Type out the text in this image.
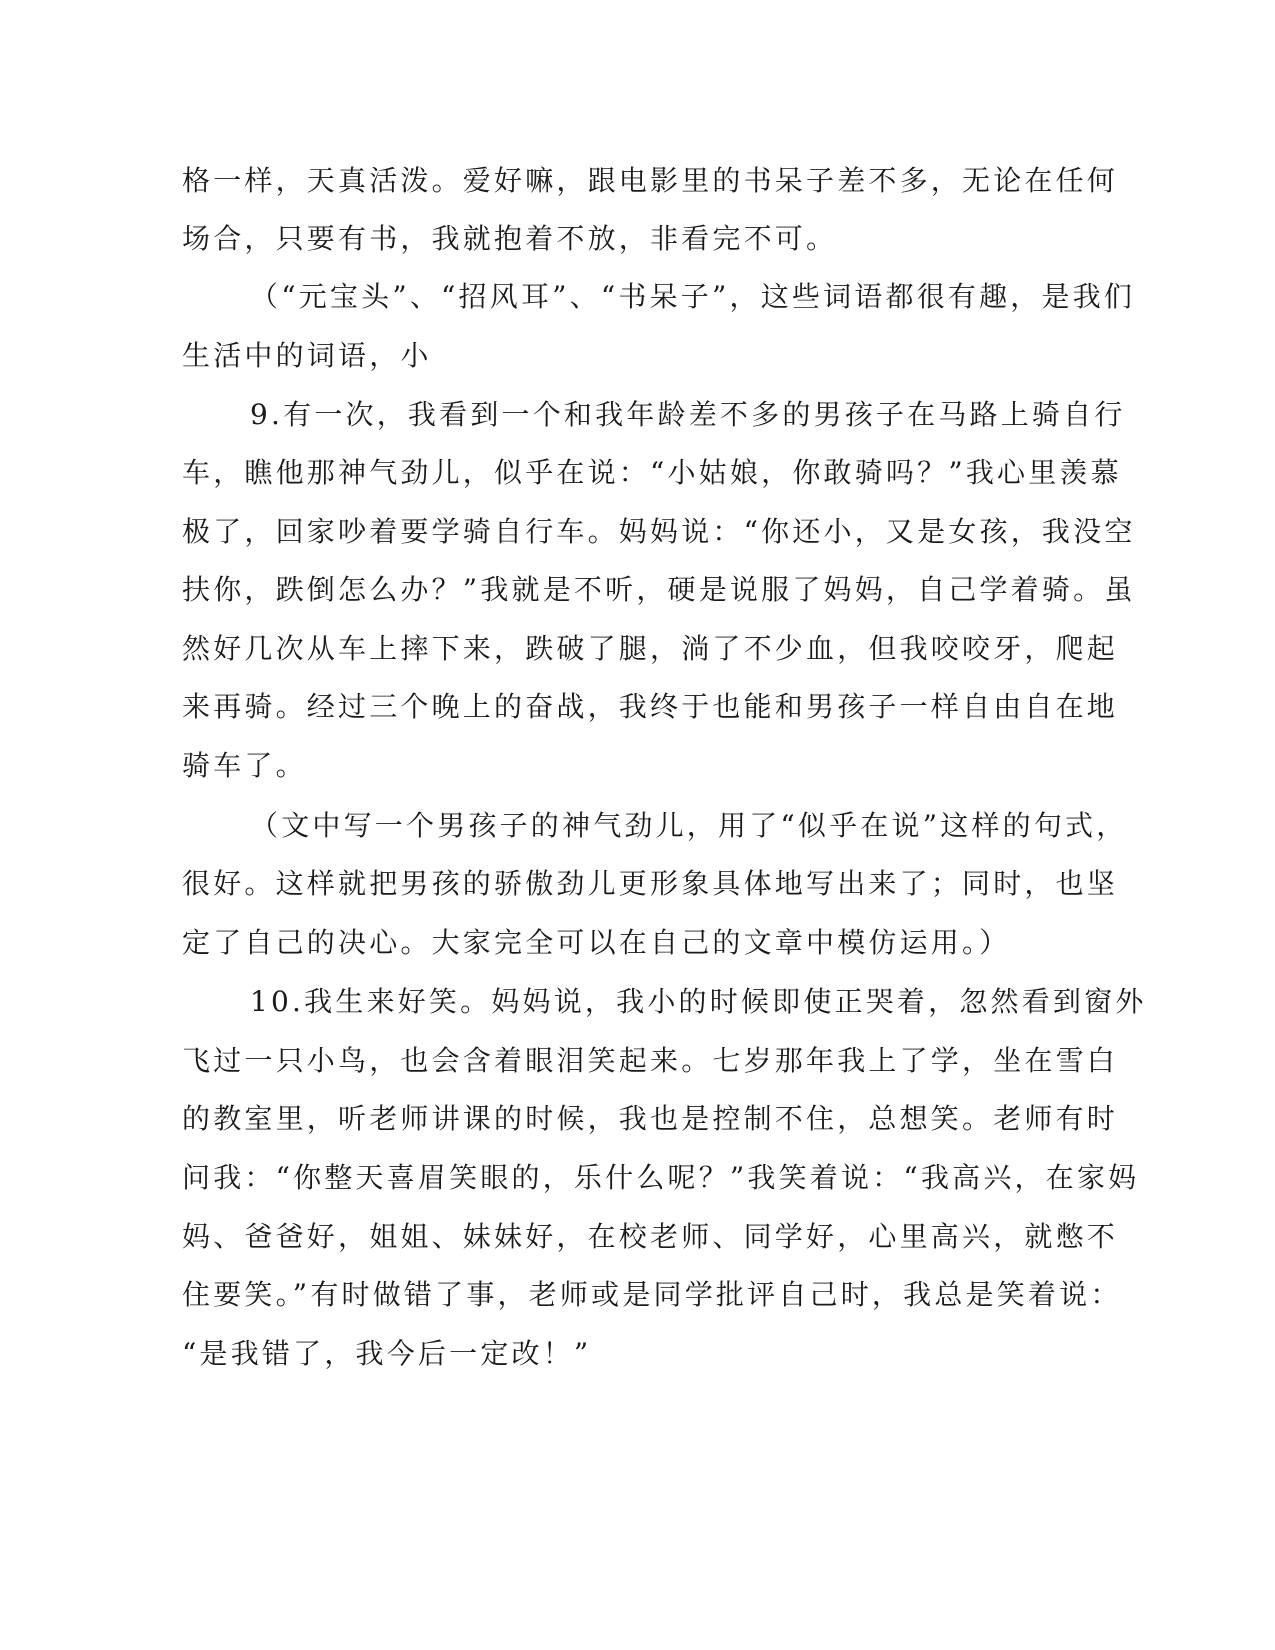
格一样，天真活泼。爱好嘛，跟电影里的书呆子差不多，无论在任何
场合，只要有书，我就抱着不放，非看完不可。
（“元宝头”、“招风耳”、“书呆子”，这些词语都很有趣，是我们
生活中的词语，小
9.有一次，我看到一个和我年龄差不多的男孩子在马路上骑自行
车，瞧他那神气劲儿，似乎在说：“小姑娘，你敢骑吗？”我心里羡慕
极了，回家吵着要学骑自行车。妈妈说：“你还小，又是女孩，我没空
扶你，跌倒怎么办？”我就是不听，硬是说服了妈妈，自己学着骑。虽
然好几次从车上摔下来，跌破了腿，淌了不少血，但我咬咬牙，爬起
来再骑。经过三个晚上的奋战，我终于也能和男孩子一样自由自在地
骑车了。
（文中写一个男孩子的神气劲儿，用了“似乎在说”这样的句式，
很好。这样就把男孩的骄傲劲儿更形象具体地写出来了；同时，也坚
定了自己的决心。大家完全可以在自己的文章中模仿运用。）
10.我生来好笑。妈妈说，我小的时候即使正哭着，忽然看到窗外
飞过一只小鸟，也会含着眼泪笑起来。七岁那年我上了学，坐在雪白
的教室里，听老师讲课的时候，我也是控制不住，总想笑。老师有时
问我：“你整天喜眉笑眼的，乐什么呢？”我笑着说：“我高兴，在家妈
妈、爸爸好，姐姐、妹妹好，在校老师、同学好，心里高兴，就憋不
住要笑。”有时做错了事，老师或是同学批评自己时，我总是笑着说：
“是我错了，我今后一定改！”
